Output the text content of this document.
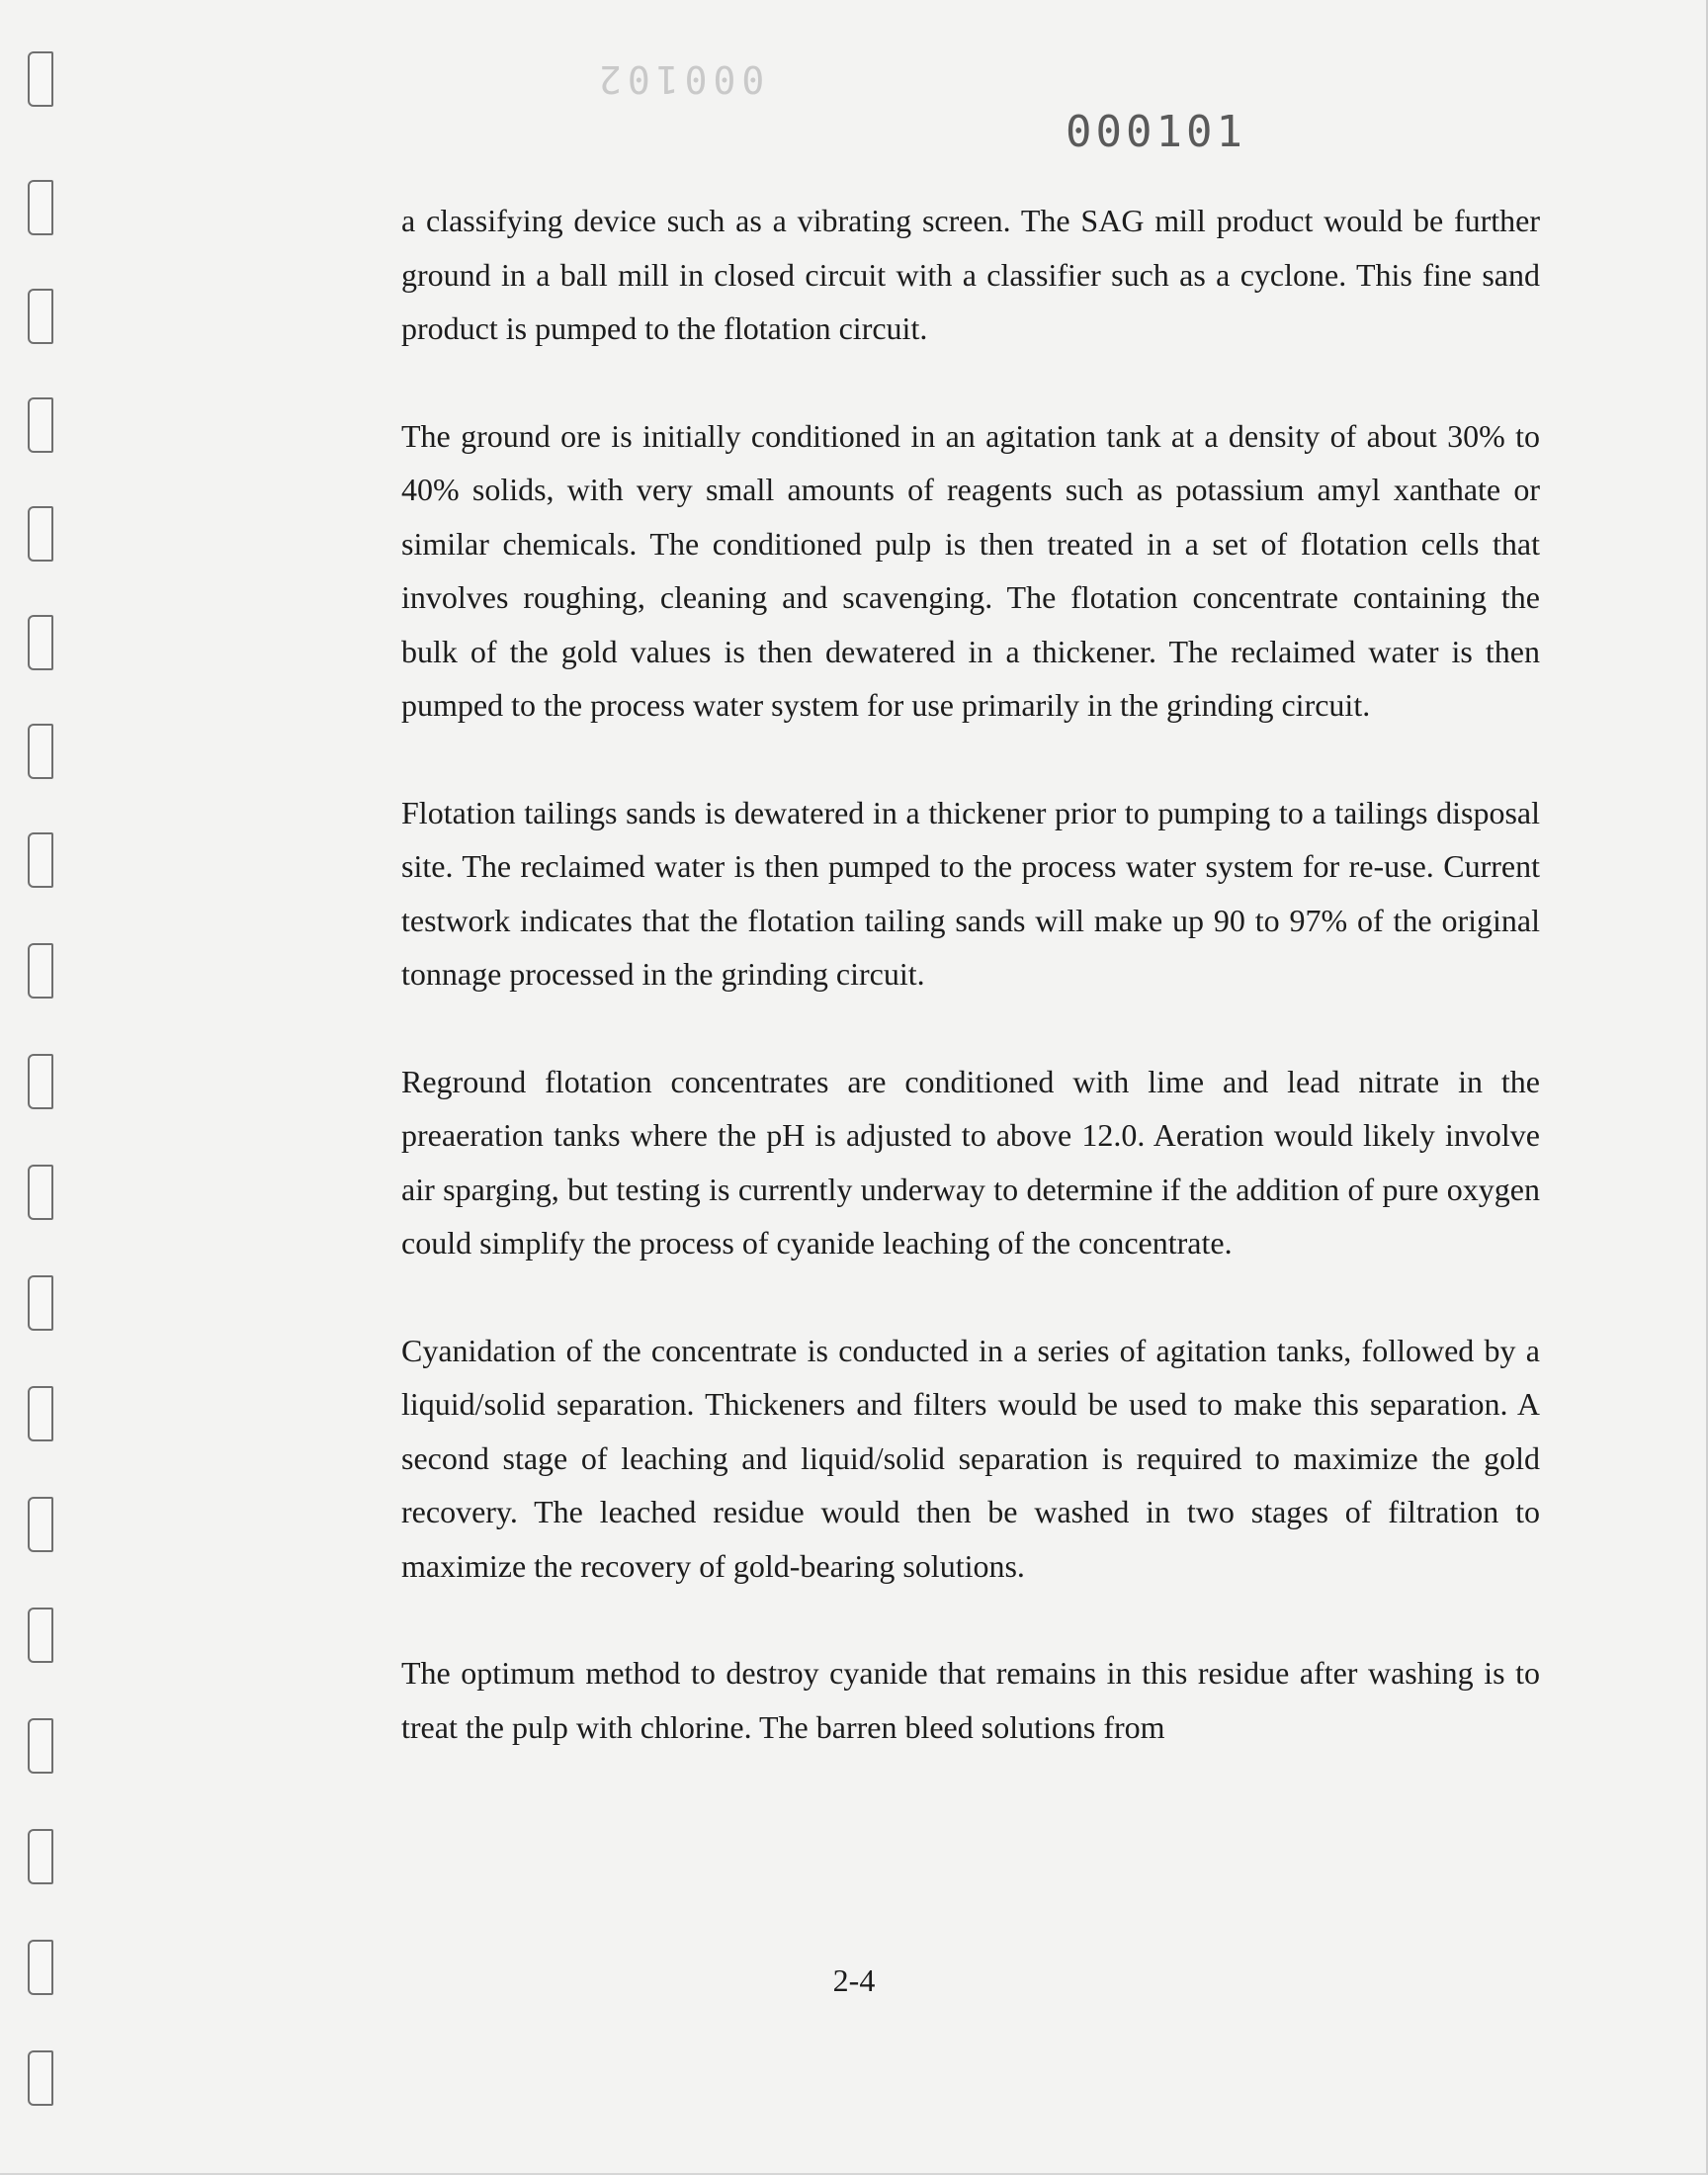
000102
000101

a classifying device such as a vibrating screen. The SAG mill product would be further ground in a ball mill in closed circuit with a classifier such as a cyclone. This fine sand product is pumped to the flotation circuit.

The ground ore is initially conditioned in an agitation tank at a density of about 30% to 40% solids, with very small amounts of reagents such as potassium amyl xanthate or similar chemicals. The conditioned pulp is then treated in a set of flotation cells that involves roughing, cleaning and scavenging. The flotation concentrate containing the bulk of the gold values is then dewatered in a thickener. The reclaimed water is then pumped to the process water system for use primarily in the grinding circuit.

Flotation tailings sands is dewatered in a thickener prior to pumping to a tailings disposal site. The reclaimed water is then pumped to the process water system for re-use. Current testwork indicates that the flotation tailing sands will make up 90 to 97% of the original tonnage processed in the grinding circuit.

Reground flotation concentrates are conditioned with lime and lead nitrate in the preaeration tanks where the pH is adjusted to above 12.0. Aeration would likely involve air sparging, but testing is currently underway to determine if the addition of pure oxygen could simplify the process of cyanide leaching of the concentrate.

Cyanidation of the concentrate is conducted in a series of agitation tanks, followed by a liquid/solid separation. Thickeners and filters would be used to make this separation. A second stage of leaching and liquid/solid separation is required to maximize the gold recovery. The leached residue would then be washed in two stages of filtration to maximize the recovery of gold-bearing solutions.

The optimum method to destroy cyanide that remains in this residue after washing is to treat the pulp with chlorine. The barren bleed solutions from

2-4
